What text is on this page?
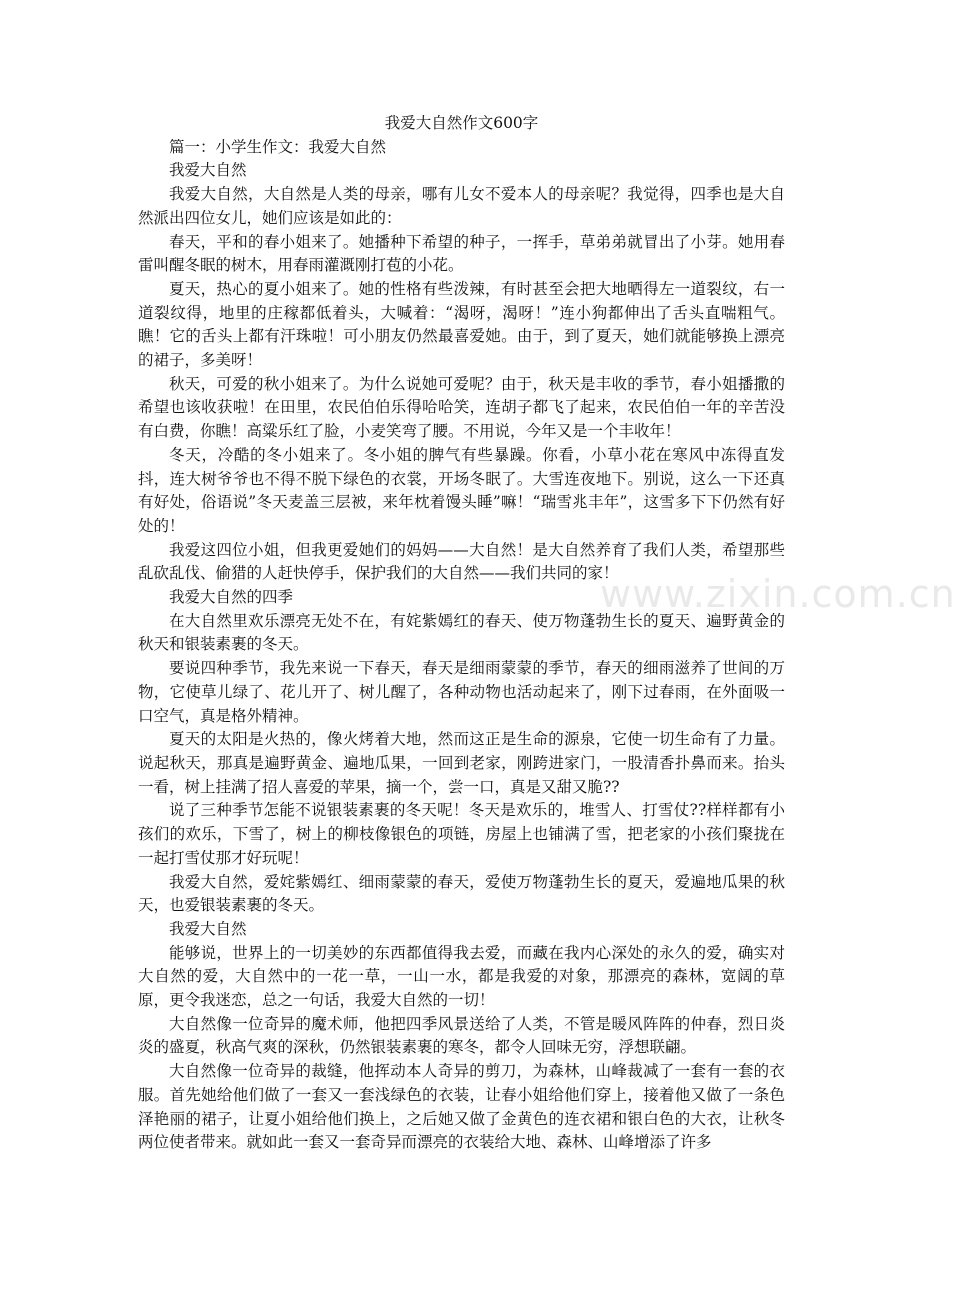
www.zixin.com.cn

我爱大自然作文600字

篇一：小学生作文：我爱大自然

我爱大自然

我爱大自然，大自然是人类的母亲，哪有儿女不爱本人的母亲呢？我觉得，四季也是大自然派出四位女儿，她们应该是如此的：

春天，平和的春小姐来了。她播种下希望的种子，一挥手，草弟弟就冒出了小芽。她用春雷叫醒冬眠的树木，用春雨灌溉刚打苞的小花。

夏天，热心的夏小姐来了。她的性格有些泼辣，有时甚至会把大地晒得左一道裂纹，右一道裂纹得，地里的庄稼都低着头，大喊着：“渴呀，渴呀！”连小狗都伸出了舌头直喘粗气。瞧！它的舌头上都有汗珠啦！可小朋友仍然最喜爱她。由于，到了夏天，她们就能够换上漂亮的裙子，多美呀！

秋天，可爱的秋小姐来了。为什么说她可爱呢？由于，秋天是丰收的季节，春小姐播撒的希望也该收获啦！在田里，农民伯伯乐得哈哈笑，连胡子都飞了起来，农民伯伯一年的辛苦没有白费，你瞧！高粱乐红了脸，小麦笑弯了腰。不用说，今年又是一个丰收年！

冬天，冷酷的冬小姐来了。冬小姐的脾气有些暴躁。你看，小草小花在寒风中冻得直发抖，连大树爷爷也不得不脱下绿色的衣裳，开场冬眠了。大雪连夜地下。别说，这么一下还真有好处，俗语说”冬天麦盖三层被，来年枕着馒头睡”嘛！“瑞雪兆丰年”，这雪多下下仍然有好处的！

我爱这四位小姐，但我更爱她们的妈妈——大自然！是大自然养育了我们人类，希望那些乱砍乱伐、偷猎的人赶快停手，保护我们的大自然——我们共同的家！

我爱大自然的四季

在大自然里欢乐漂亮无处不在，有姹紫嫣红的春天、使万物蓬勃生长的夏天、遍野黄金的秋天和银装素裹的冬天。

要说四种季节，我先来说一下春天，春天是细雨蒙蒙的季节，春天的细雨滋养了世间的万物，它使草儿绿了、花儿开了、树儿醒了，各种动物也活动起来了，刚下过春雨，在外面吸一口空气，真是格外精神。

夏天的太阳是火热的，像火烤着大地，然而这正是生命的源泉，它使一切生命有了力量。说起秋天，那真是遍野黄金、遍地瓜果，一回到老家，刚跨进家门，一股清香扑鼻而来。抬头一看，树上挂满了招人喜爱的苹果，摘一个，尝一口，真是又甜又脆??

说了三种季节怎能不说银装素裹的冬天呢！冬天是欢乐的，堆雪人、打雪仗??样样都有小孩们的欢乐，下雪了，树上的柳枝像银色的项链，房屋上也铺满了雪，把老家的小孩们聚拢在一起打雪仗那才好玩呢！

我爱大自然，爱姹紫嫣红、细雨蒙蒙的春天，爱使万物蓬勃生长的夏天，爱遍地瓜果的秋天，也爱银装素裹的冬天。

我爱大自然

能够说，世界上的一切美妙的东西都值得我去爱，而藏在我内心深处的永久的爱，确实对大自然的爱，大自然中的一花一草，一山一水，都是我爱的对象，那漂亮的森林，宽阔的草原，更令我迷恋，总之一句话，我爱大自然的一切！

大自然像一位奇异的魔术师，他把四季风景送给了人类，不管是暖风阵阵的仲春，烈日炎炎的盛夏，秋高气爽的深秋，仍然银装素裹的寒冬，都令人回味无穷，浮想联翩。

大自然像一位奇异的裁缝，他挥动本人奇异的剪刀，为森林，山峰裁减了一套有一套的衣服。首先她给他们做了一套又一套浅绿色的衣装，让春小姐给他们穿上，接着他又做了一条色泽艳丽的裙子，让夏小姐给他们换上，之后她又做了金黄色的连衣裙和银白色的大衣，让秋冬两位使者带来。就如此一套又一套奇异而漂亮的衣装给大地、森林、山峰增添了许多
